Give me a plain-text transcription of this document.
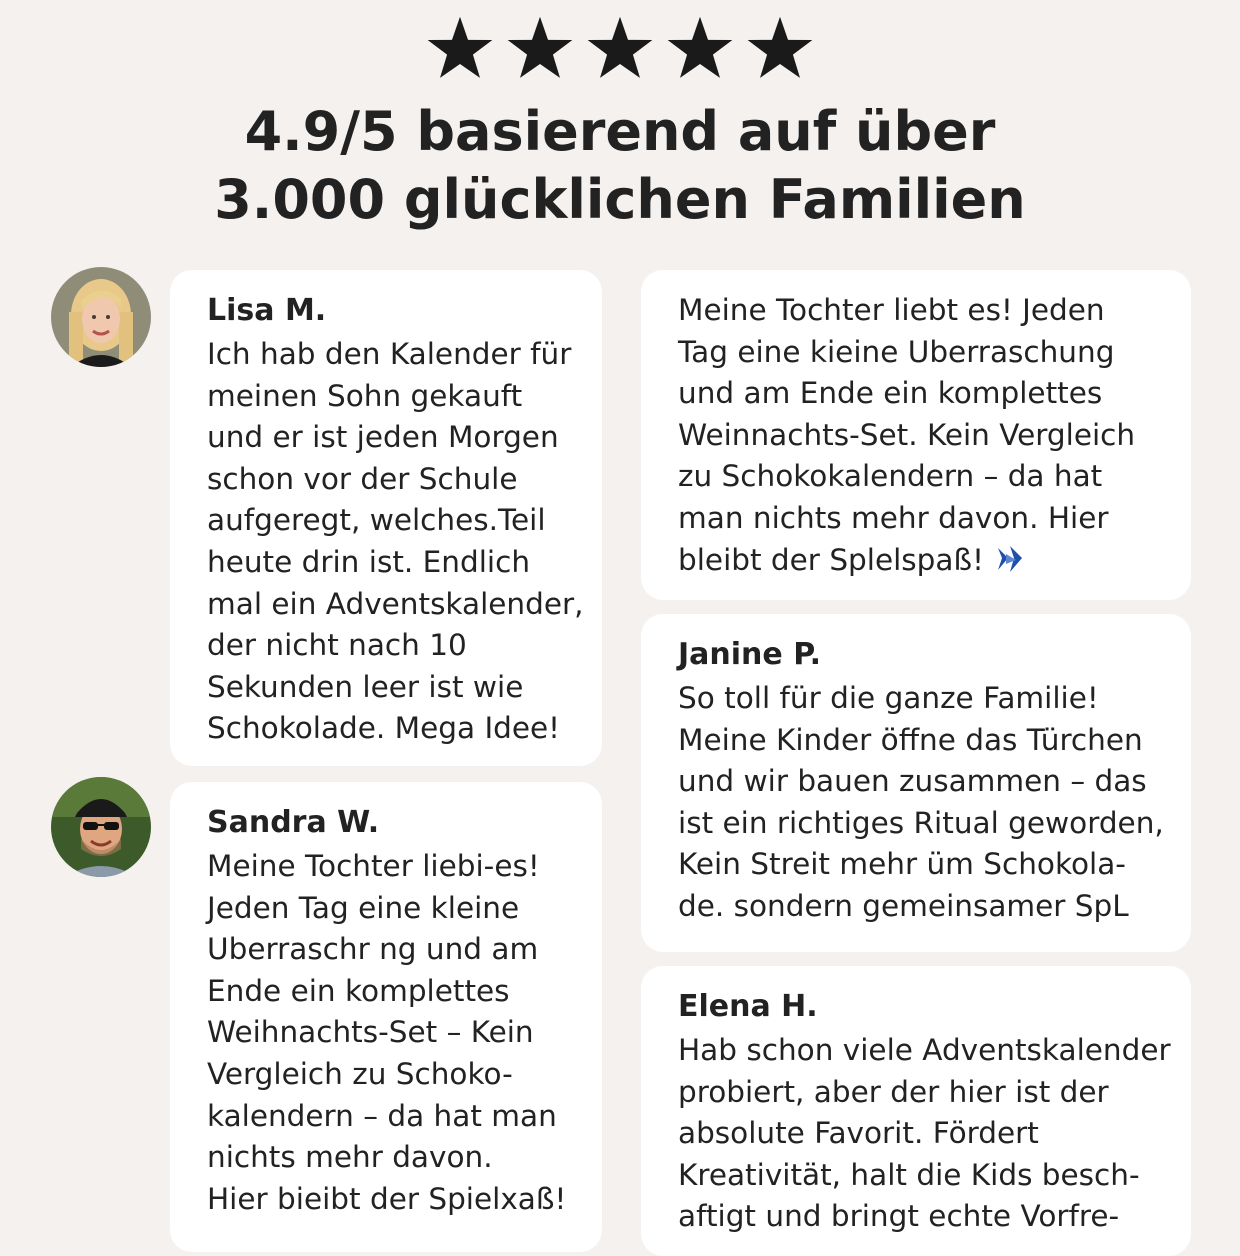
4.9/5 basierend auf über
3.000 glücklichen Familien
Lisa M.
Ich hab den Kalender für
meinen Sohn gekauft
und er ist jeden Morgen
schon vor der Schule
aufgeregt, welches.Teil
heute drin ist. Endlich
mal ein Adventskalender,
der nicht nach 10
Sekunden leer ist wie
Schokolade. Mega Idee!
Sandra W.
Meine Tochter liebi-es!
Jeden Tag eine kleine
Uberraschr ng und am
Ende ein komplettes
Weihnachts-Set – Kein
Vergleich zu Schoko-
kalendern – da hat man
nichts mehr davon.
Hier bieibt der Spielxaß!
Meine Tochter liebt es! Jeden
Tag eine kieine Uberraschung
und am Ende ein komplettes
Weinnachts-Set. Kein Vergleich
zu Schokokalendern – da hat
man nichts mehr davon. Hier
bleibt der Splelspaß!
Janine P.
So toll für die ganze Familie!
Meine Kinder öffne das Türchen
und wir bauen zusammen – das
ist ein richtiges Ritual geworden,
Kein Streit mehr üm Schokola-
de. sondern gemeinsamer SpL
Elena H.
Hab schon viele Adventskalender
probiert, aber der hier ist der
absolute Favorit. Fördert
Kreativität, halt die Kids besch-
aftigt und bringt echte Vorfre-
